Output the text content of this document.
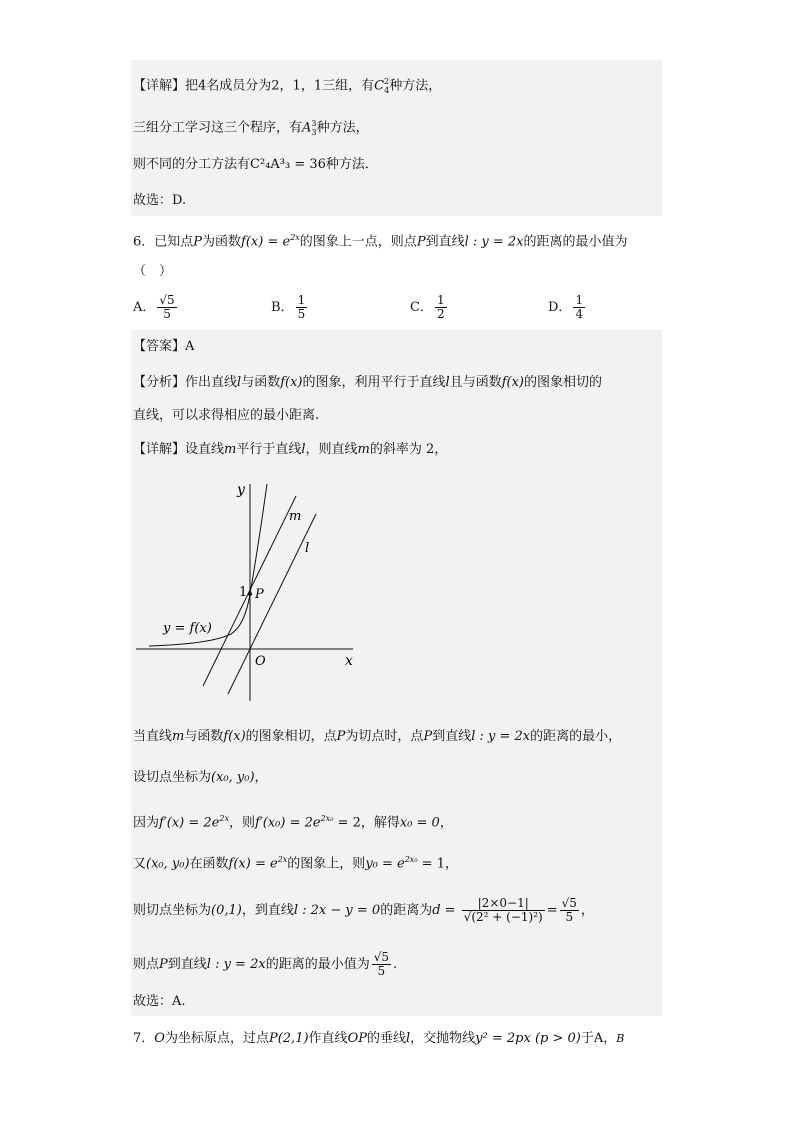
【详解】把4名成员分为2，1，1三组，有$C^2_4$种方法，
三组分工学习这三个程序，有$A^3_3$种方法，
则不同的分工方法有C²₄A³₃ = 36种方法．
故选：D.
6．已知点P为函数$f(x) = e^{2x}$的图象上一点，则点P到直线l : y = 2x的距离的最小值为
（　）
A． $\frac{√5}{5}$	B． $\frac{1}{5}$	C． $\frac{1}{2}$	D． $\frac{1}{4}$
【答案】A
【分析】作出直线l与函数f(x)的图象，利用平行于直线l且与函数f(x)的图象相切的
直线，可以求得相应的最小距离.
【详解】设直线m平行于直线l，则直线m的斜率为 2，
y
x
O
1 P
m
l
y = f(x)
当直线m与函数f(x)的图象相切，点P为切点时，点P到直线l : y = 2x的距离的最小，
设切点坐标为(x₀, y₀)，
因为$f'(x) = 2e^{2x}$，则$f'(x_0) = 2e^{2x_0} = 2$，解得x₀ = 0，
又(x₀, y₀)在函数$f(x) = e^{2x}$的图象上，则$y_0 = e^{2x_0} = 1$，
则切点坐标为(0,1)，到直线l : 2x − y = 0的距离为$d = \frac{|2\times 0-1|}{\text{√(2² + (−1)²)}} = \frac{√5}{5}$ ，
则点P到直线l : y = 2x的距离的最小值为 $\frac{√5}{5}$ .
故选：A.
7．O为坐标原点，过点P(2,1)作直线OP的垂线l，交抛物线y² = 2px (p > 0)于A，B
